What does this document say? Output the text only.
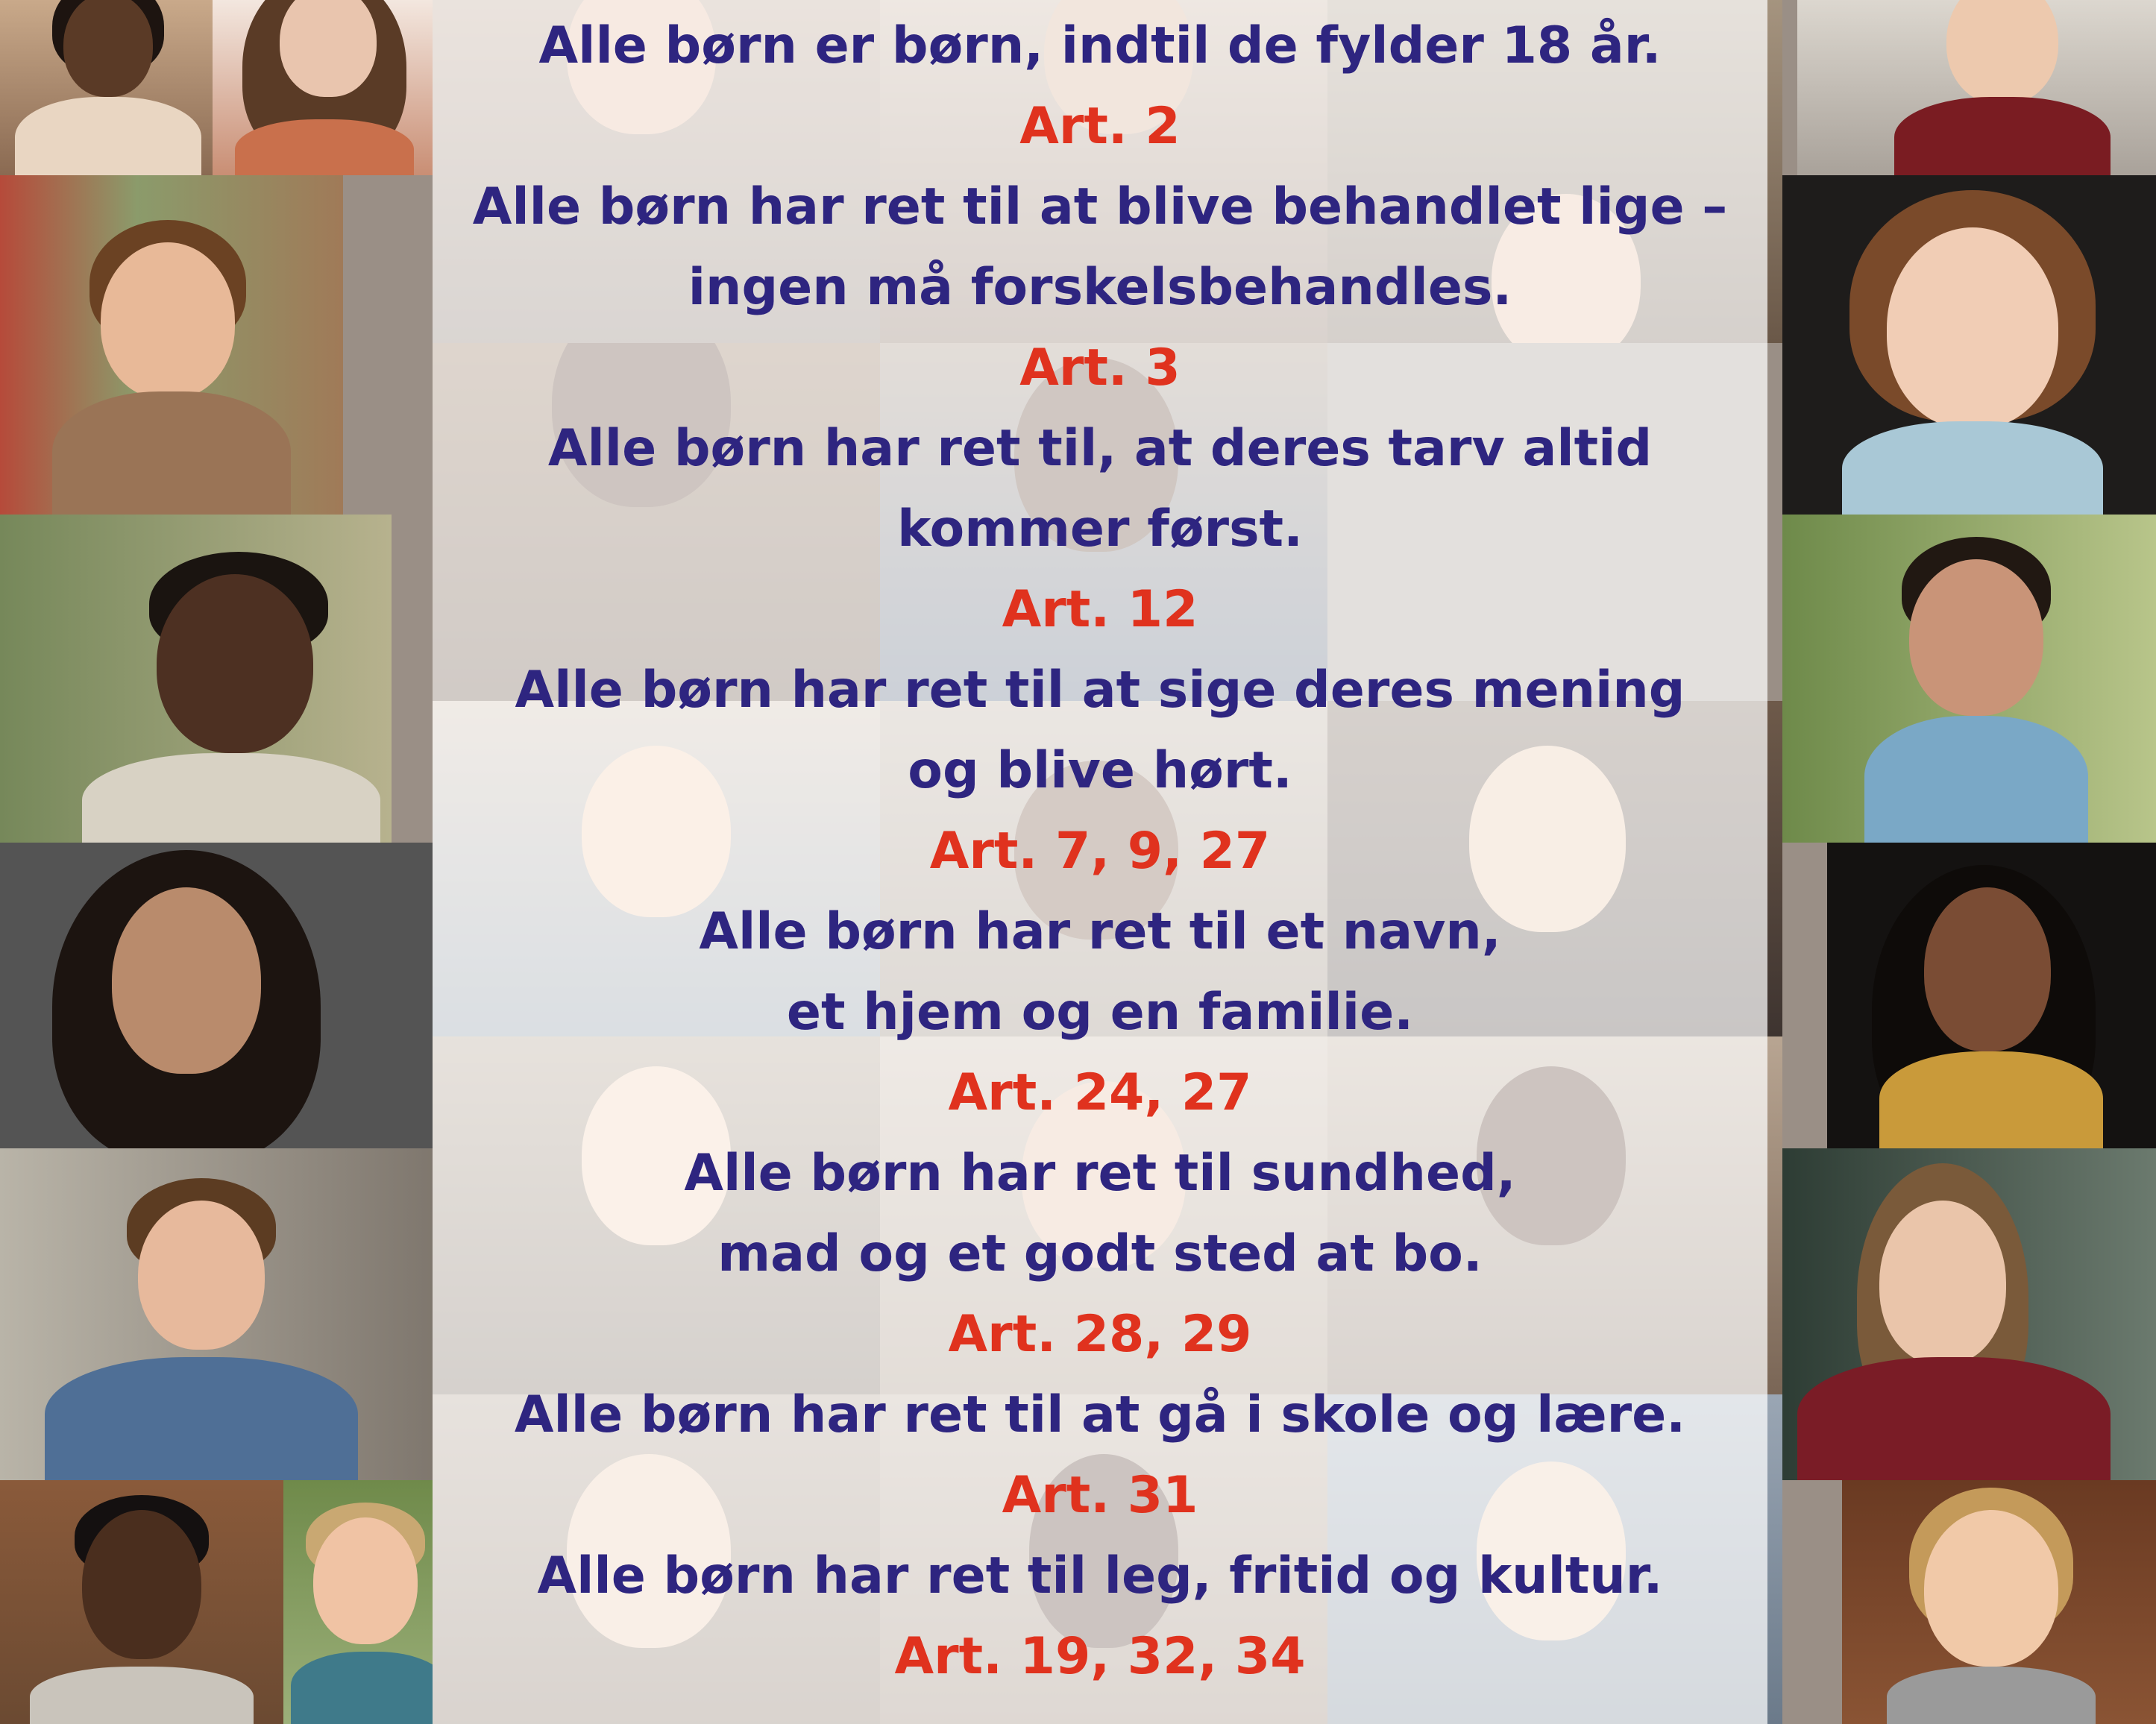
Alle børn er børn, indtil de fylder 18 år.
Art. 2
Alle børn har ret til at blive behandlet lige –
ingen må forskelsbehandles.
Art. 3
Alle børn har ret til, at deres tarv altid
kommer først.
Art. 12
Alle børn har ret til at sige deres mening
og blive hørt.
Art. 7, 9, 27
Alle børn har ret til et navn,
et hjem og en familie.
Art. 24, 27
Alle børn har ret til sundhed,
mad og et godt sted at bo.
Art. 28, 29
Alle børn har ret til at gå i skole og lære.
Art. 31
Alle børn har ret til leg, fritid og kultur.
Art. 19, 32, 34
